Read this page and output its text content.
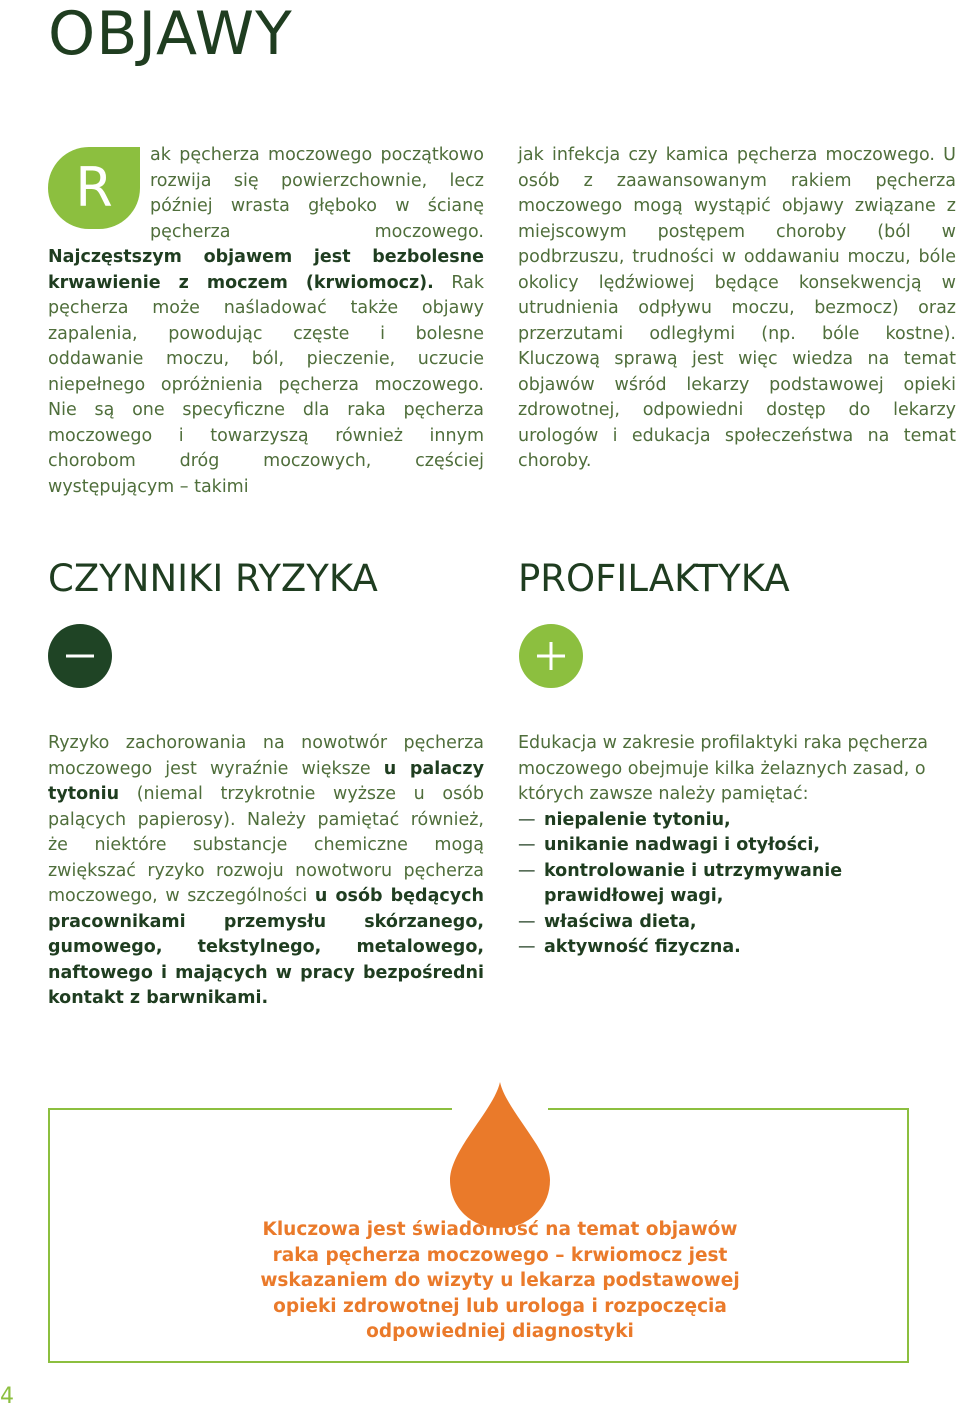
OBJAWY
R
ak pęcherza moczowego początkowo rozwija się powierzchownie, lecz później wrasta głęboko w ścianę pęcherza moczowego. Najczęstszym objawem jest bezbolesne krwawienie z moczem (krwiomocz). Rak pęcherza może naśladować także objawy zapalenia, powodując częste i bolesne oddawanie moczu, ból, pieczenie, uczucie niepełnego opróżnienia pęcherza moczowego. Nie są one specyficzne dla raka pęcherza moczowego i towarzyszą również innym chorobom dróg moczowych, częściej występującym – takimi
jak infekcja czy kamica pęcherza moczowego. U osób z zaawansowanym rakiem pęcherza moczowego mogą wystąpić objawy związane z miejscowym postępem choroby (ból w podbrzuszu, trudności w oddawaniu moczu, bóle okolicy lędźwiowej będące konsekwencją w utrudnienia odpływu moczu, bezmocz) oraz przerzutami odległymi (np. bóle kostne). Kluczową sprawą jest więc wiedza na temat objawów wśród lekarzy podstawowej opieki zdrowotnej, odpowiedni dostęp do lekarzy urologów i edukacja społeczeństwa na temat choroby.
CZYNNIKI RYZYKA	PROFILAKTYKA
Ryzyko zachorowania na nowotwór pęcherza moczowego jest wyraźnie większe u palaczy tytoniu (niemal trzykrotnie wyższe u osób palących papierosy). Należy pamiętać również, że niektóre substancje chemiczne mogą zwiększać ryzyko rozwoju nowotworu pęcherza moczowego, w szczególności u osób będących pracownikami przemysłu skórzanego, gumowego, tekstylnego, metalowego, naftowego i mających w pracy bezpośredni kontakt z barwnikami.
Edukacja w zakresie profilaktyki raka pęcherza moczowego obejmuje kilka żelaznych zasad, o których zawsze należy pamiętać:
— niepalenie tytoniu,
— unikanie nadwagi i otyłości,
— kontrolowanie i utrzymywanie prawidłowej wagi,
— właściwa dieta,
— aktywność fizyczna.
Kluczowa jest świadomość na temat objawów raka pęcherza moczowego – krwiomocz jest wskazaniem do wizyty u lekarza podstawowej opieki zdrowotnej lub urologa i rozpoczęcia odpowiedniej diagnostyki
4
